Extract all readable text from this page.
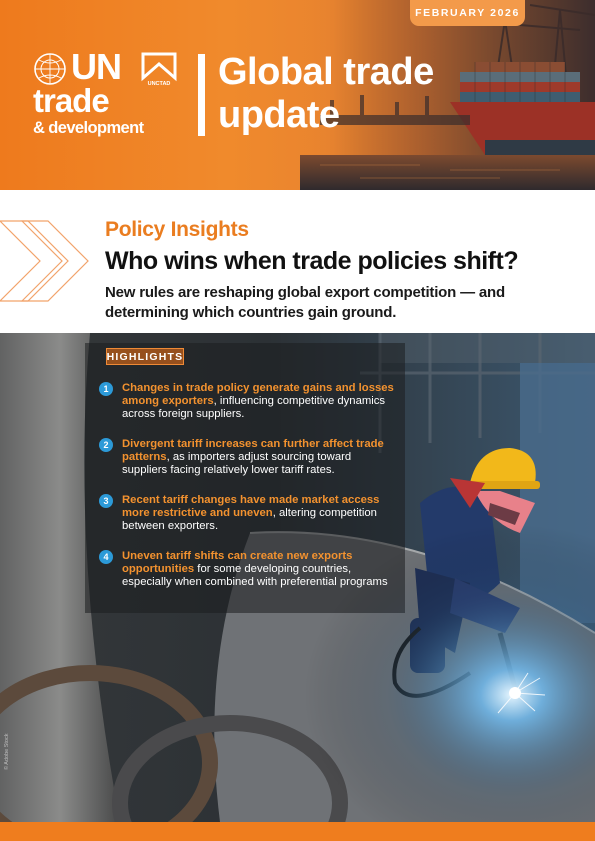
FEBRUARY 2026
UN	UNCTAD
trade
& development
Global trade
update
Policy Insights
Who wins when trade policies shift?
New rules are reshaping global export competition — and determining which countries gain ground.
HIGHLIGHTS
1	Changes in trade policy generate gains and losses among exporters, influencing competitive dynamics across foreign suppliers.
2	Divergent tariff increases can further affect trade patterns, as importers adjust sourcing toward suppliers facing relatively lower tariff rates.
3	Recent tariff changes have made market access more restrictive and uneven, altering competition between exporters.
4	Uneven tariff shifts can create new exports opportunities for some developing countries, especially when combined with preferential programs
© Adobe Stock
